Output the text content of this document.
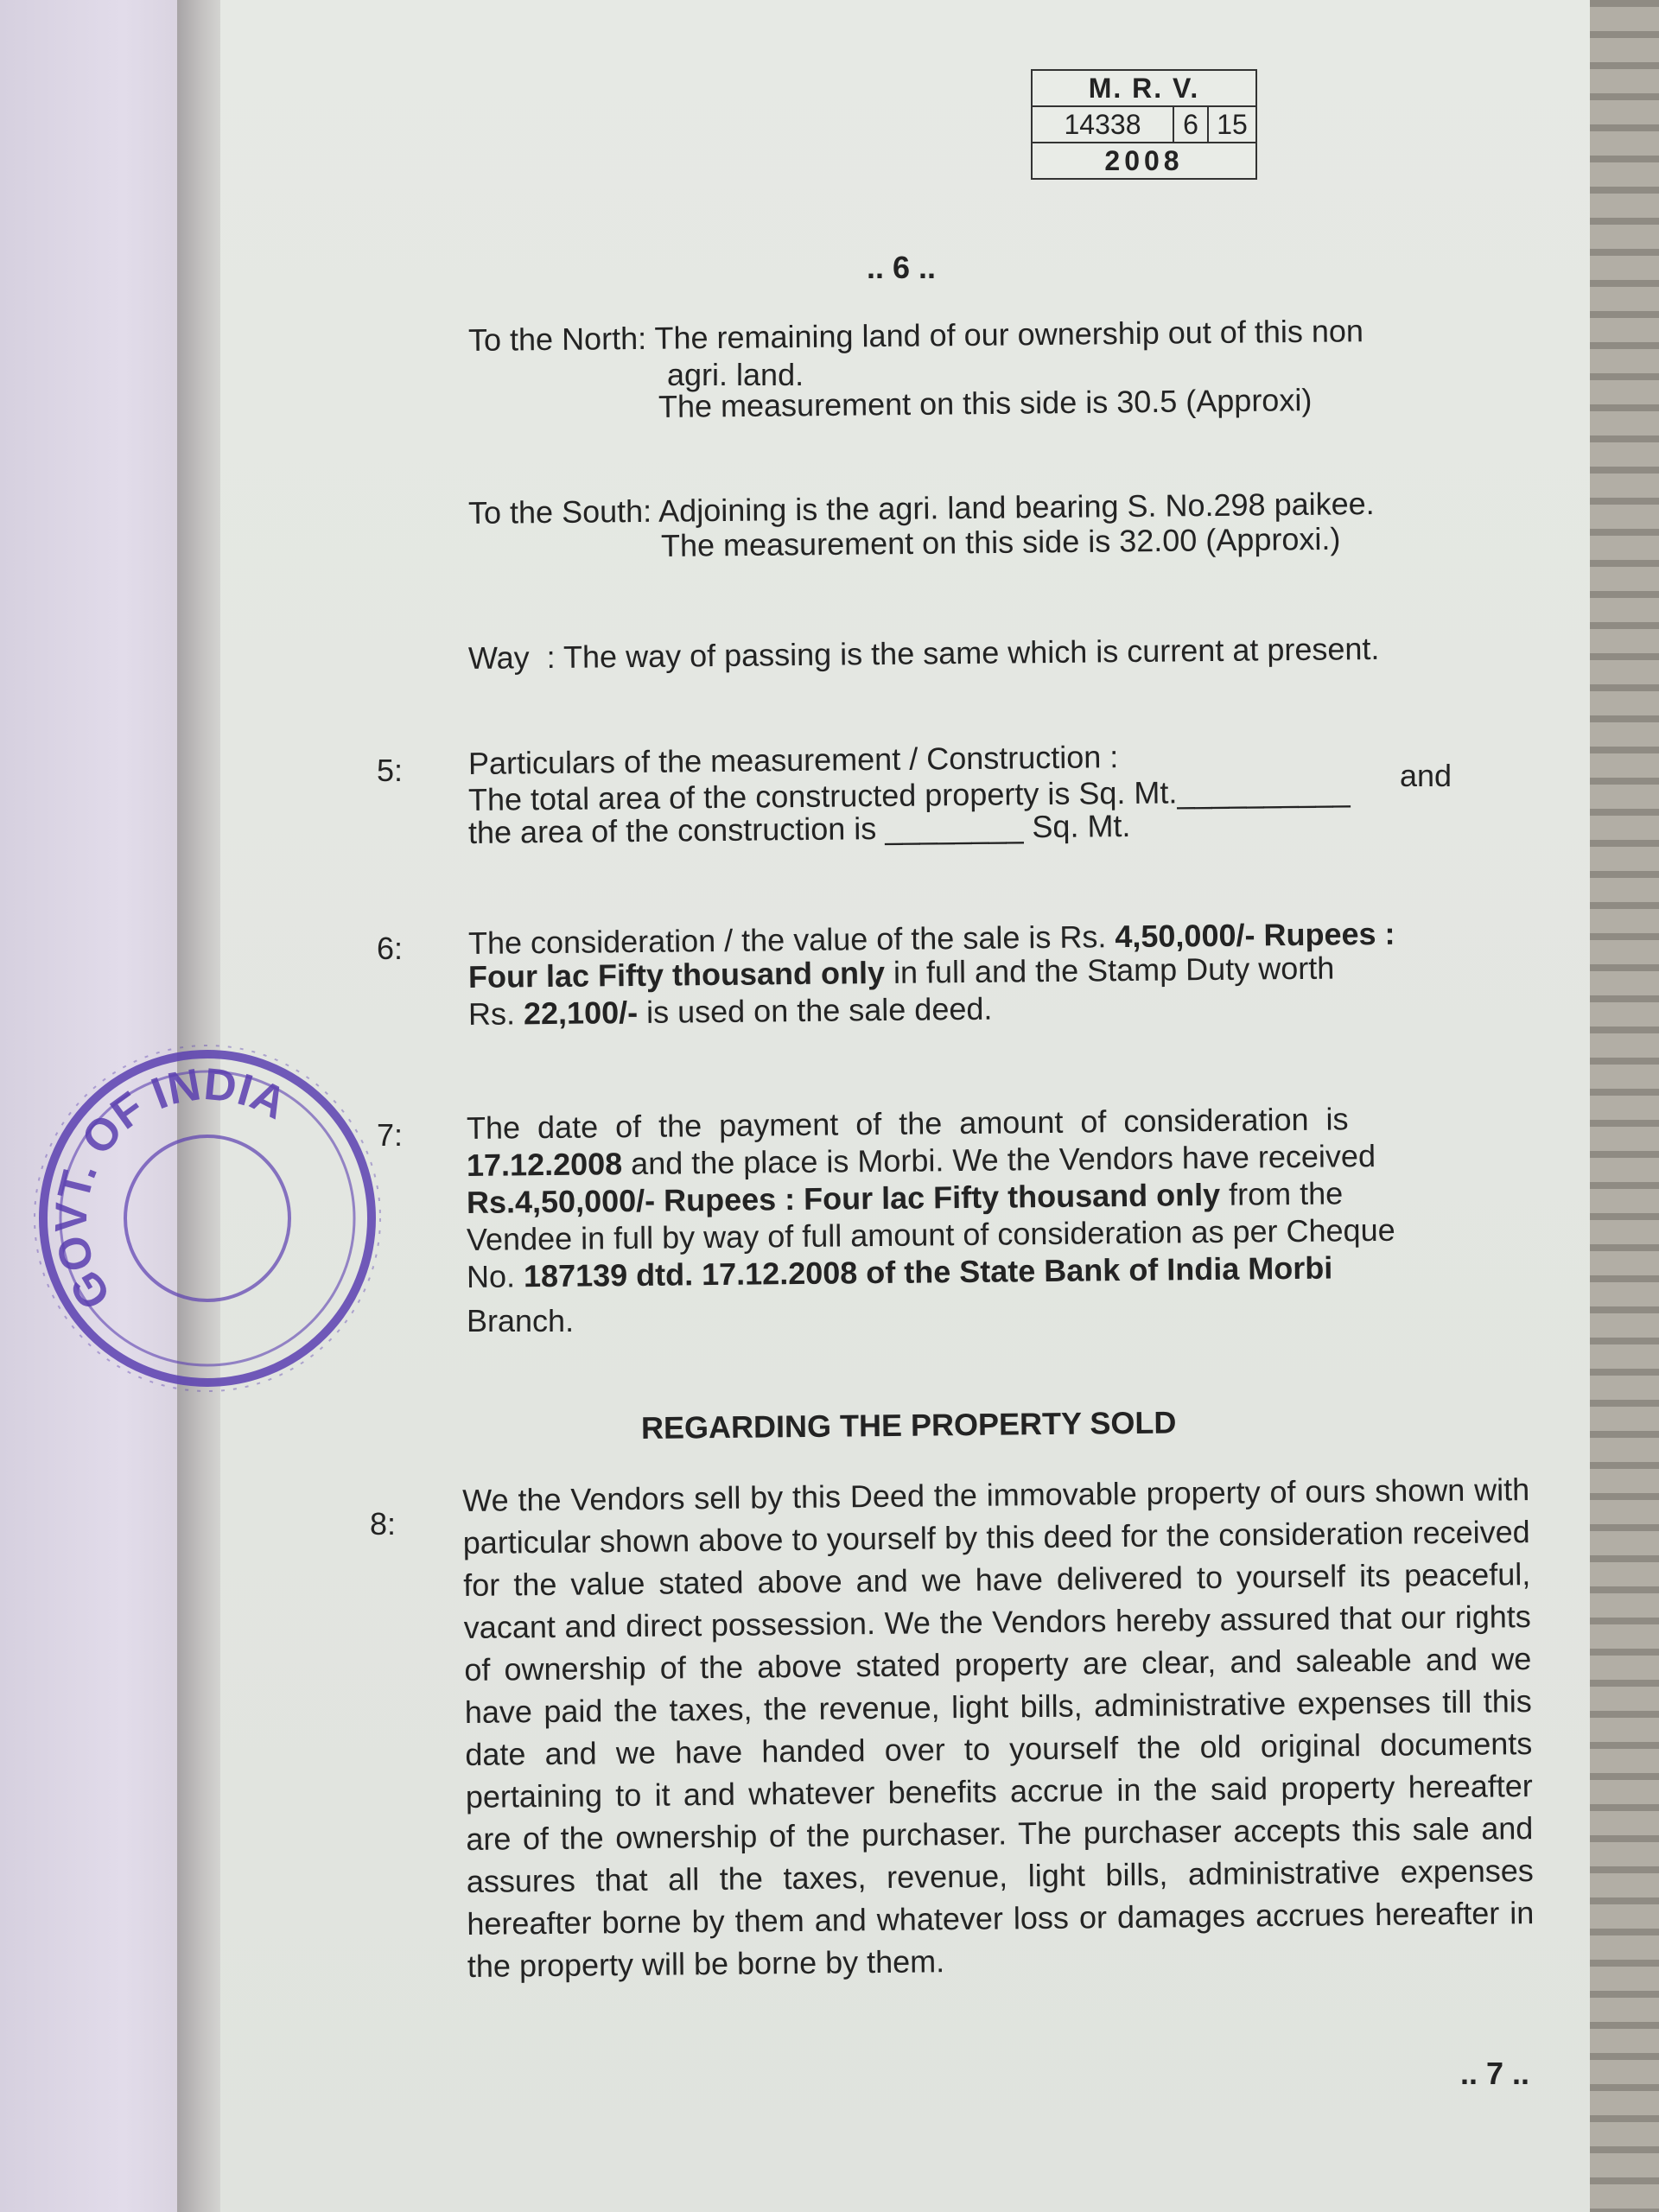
M. R. V.
14338	6 15
2008
.. 6 ..
To the North: The remaining land of our ownership out of this non
agri. land.
The measurement on this side is 30.5 (Approxi)
To the South: Adjoining is the agri. land bearing S. No.298 paikee.
The measurement on this side is 32.00 (Approxi.)
Way : The way of passing is the same which is current at present.
5: Particulars of the measurement / Construction :
The total area of the constructed property is Sq. Mt.__________ and
the area of the construction is ________ Sq. Mt.
6: The consideration / the value of the sale is Rs. 4,50,000/- Rupees :
Four lac Fifty thousand only in full and the Stamp Duty worth
Rs. 22,100/- is used on the sale deed.
7: The date of the payment of the amount of consideration is
17.12.2008 and the place is Morbi. We the Vendors have received
Rs.4,50,000/- Rupees : Four lac Fifty thousand only from the
Vendee in full by way of full amount of consideration as per Cheque
No. 187139 dtd. 17.12.2008 of the State Bank of India Morbi
Branch.
REGARDING THE PROPERTY SOLD
8:
We the Vendors sell by this Deed the immovable property of ours shown with particular shown above to yourself by this deed for the consideration received for the value stated above and we have delivered to yourself its peaceful, vacant and direct possession. We the Vendors hereby assured that our rights of ownership of the above stated property are clear, and saleable and we have paid the taxes, the revenue, light bills, administrative expenses till this date and we have handed over to yourself the old original documents pertaining to it and whatever benefits accrue in the said property hereafter are of the ownership of the purchaser. The purchaser accepts this sale and assures that all the taxes, revenue, light bills, administrative expenses hereafter borne by them and whatever loss or damages accrues hereafter in the property will be borne by them.
.. 7 ..
GOVT. OF INDIA
